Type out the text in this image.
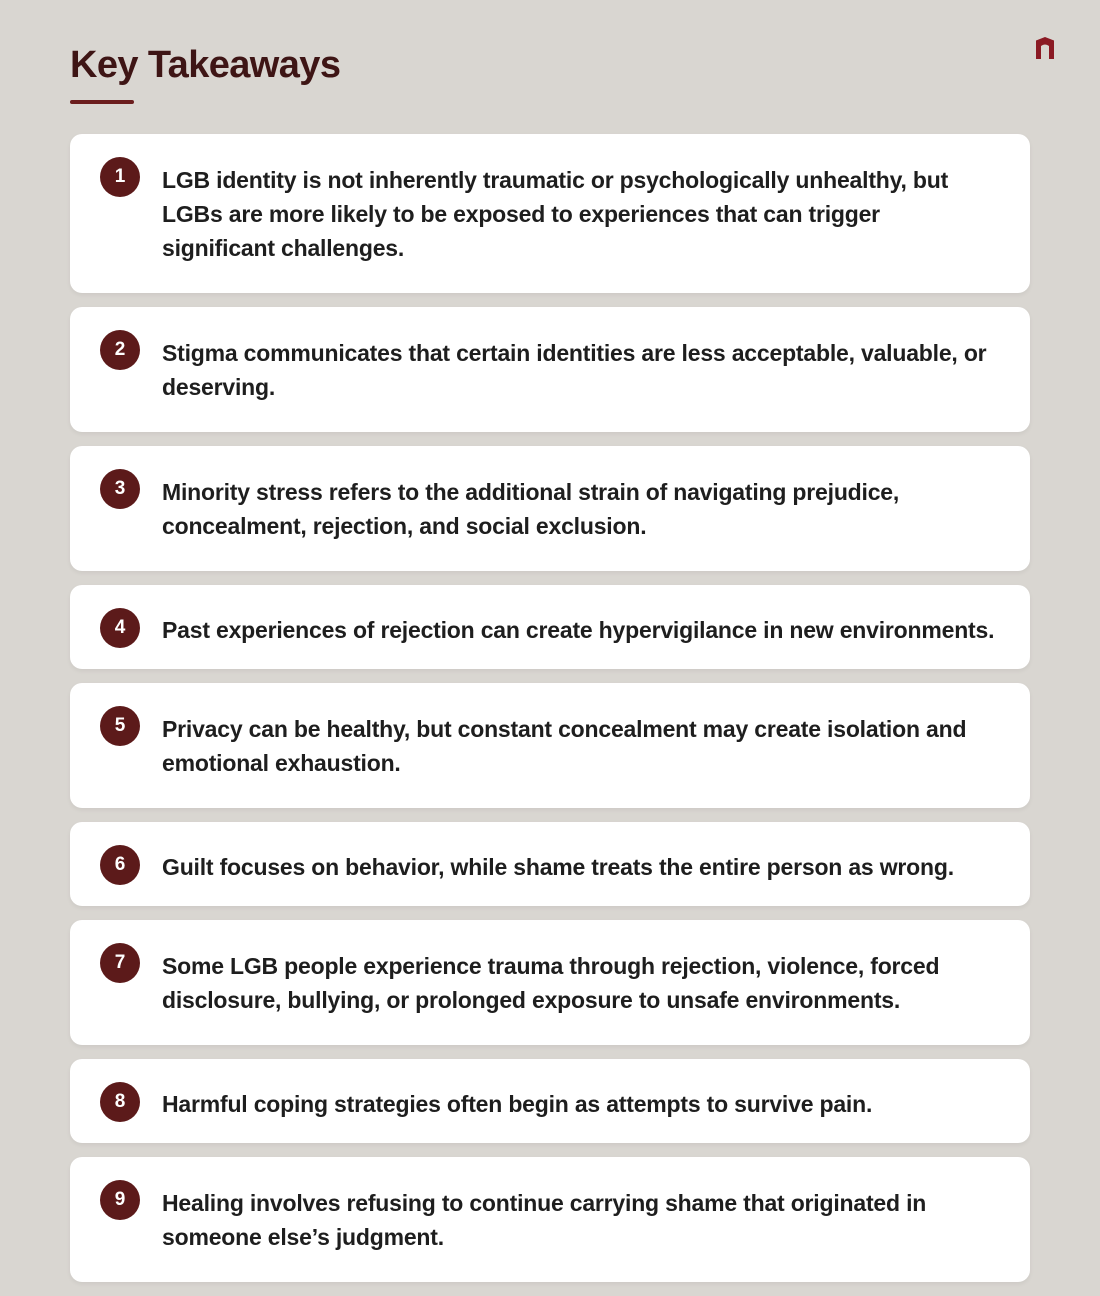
Key Takeaways
1	LGB identity is not inherently traumatic or psychologically unhealthy, but LGBs are more likely to be exposed to experiences that can trigger significant challenges.

2	Stigma communicates that certain identities are less acceptable, valuable, or deserving.

3	Minority stress refers to the additional strain of navigating prejudice, concealment, rejection, and social exclusion.

4	Past experiences of rejection can create hypervigilance in new environments.

5	Privacy can be healthy, but constant concealment may create isolation and emotional exhaustion.

6	Guilt focuses on behavior, while shame treats the entire person as wrong.

7	Some LGB people experience trauma through rejection, violence, forced disclosure, bullying, or prolonged exposure to unsafe environments.

8	Harmful coping strategies often begin as attempts to survive pain.

9	Healing involves refusing to continue carrying shame that originated in someone else’s judgment.
